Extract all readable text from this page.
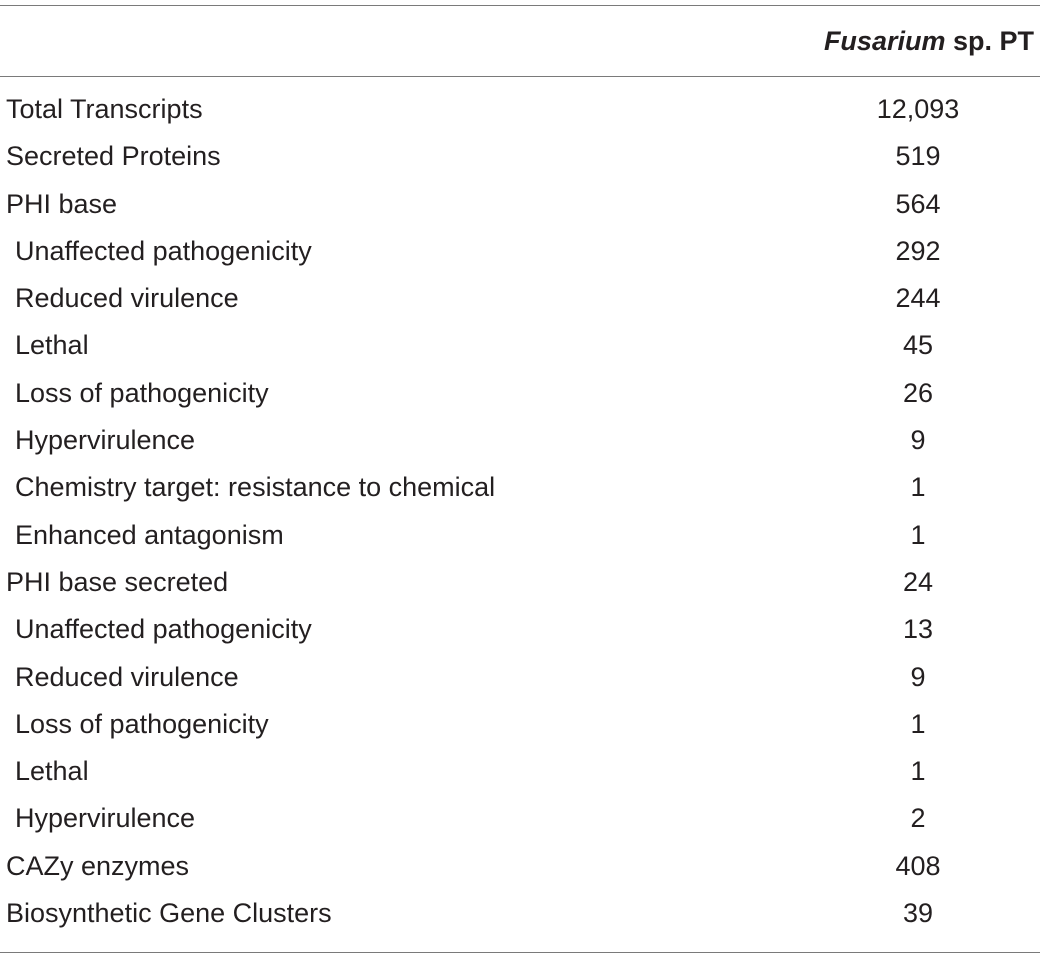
Fusarium sp. PT
Total Transcripts	12,093
Secreted Proteins	519
PHI base	564
Unaffected pathogenicity	292
Reduced virulence	244
Lethal	45
Loss of pathogenicity	26
Hypervirulence	9
Chemistry target: resistance to chemical	1
Enhanced antagonism	1
PHI base secreted	24
Unaffected pathogenicity	13
Reduced virulence	9
Loss of pathogenicity	1
Lethal	1
Hypervirulence	2
CAZy enzymes	408
Biosynthetic Gene Clusters	39
